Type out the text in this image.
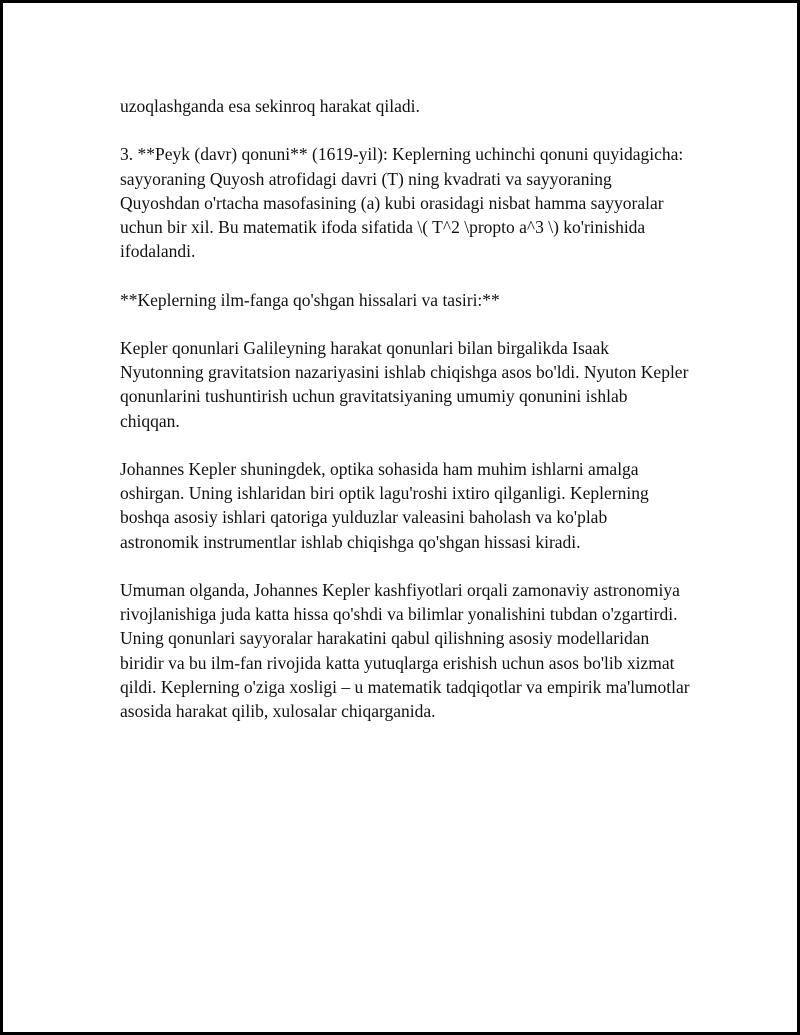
uzoqlashganda esa sekinroq harakat qiladi.

3. **Peyk (davr) qonuni** (1619-yil): Keplerning uchinchi qonuni quyidagicha: sayyoraning Quyosh atrofidagi davri (T) ning kvadrati va sayyoraning Quyoshdan o'rtacha masofasining (a) kubi orasidagi nisbat hamma sayyoralar uchun bir xil. Bu matematik ifoda sifatida \( T^2 \propto a^3 \) ko'rinishida ifodalandi.

**Keplerning ilm-fanga qo'shgan hissalari va tasiri:**

Kepler qonunlari Galileyning harakat qonunlari bilan birgalikda Isaak Nyutonning gravitatsion nazariyasini ishlab chiqishga asos bo'ldi. Nyuton Kepler qonunlarini tushuntirish uchun gravitatsiyaning umumiy qonunini ishlab chiqqan.

Johannes Kepler shuningdek, optika sohasida ham muhim ishlarni amalga oshirgan. Uning ishlaridan biri optik lagu'roshi ixtiro qilganligi. Keplerning boshqa asosiy ishlari qatoriga yulduzlar valeasini baholash va ko'plab astronomik instrumentlar ishlab chiqishga qo'shgan hissasi kiradi.

Umuman olganda, Johannes Kepler kashfiyotlari orqali zamonaviy astronomiya rivojlanishiga juda katta hissa qo'shdi va bilimlar yonalishini tubdan o'zgartirdi. Uning qonunlari sayyoralar harakatini qabul qilishning asosiy modellaridan biridir va bu ilm-fan rivojida katta yutuqlarga erishish uchun asos bo'lib xizmat qildi. Keplerning o'ziga xosligi – u matematik tadqiqotlar va empirik ma'lumotlar asosida harakat qilib, xulosalar chiqarganida.
